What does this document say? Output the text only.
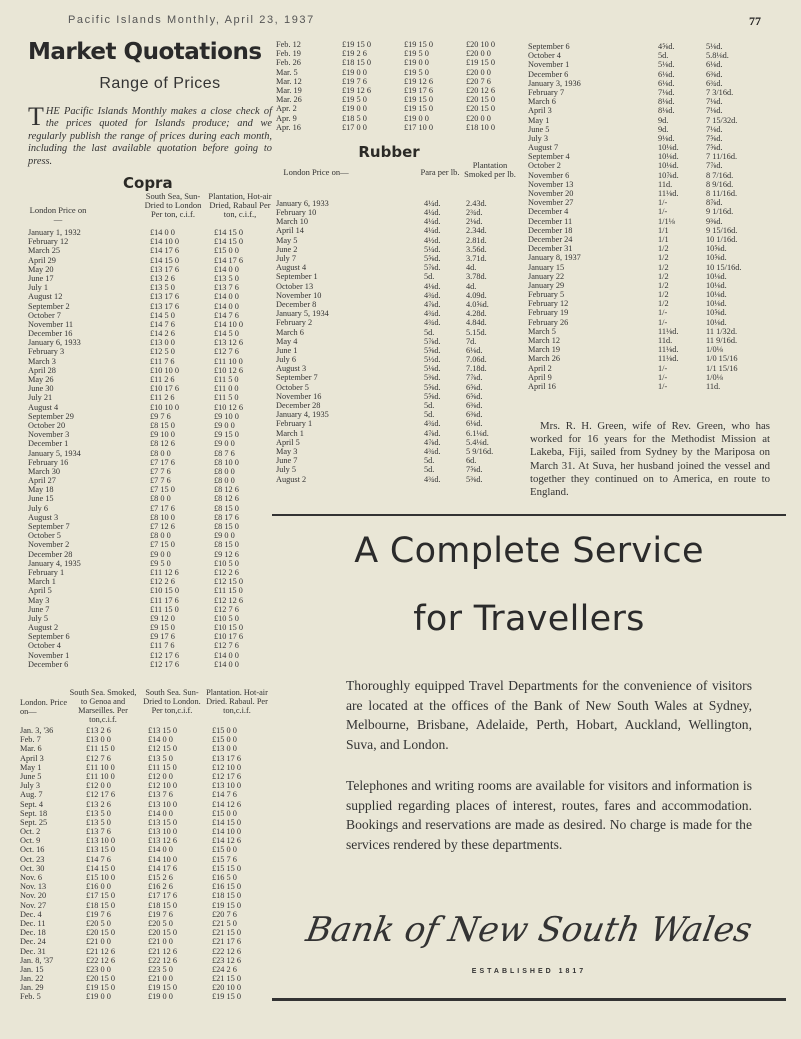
Pacific Islands Monthly, April 23, 1937	77
Market Quotations
Range of Prices
THE Pacific Islands Monthly makes a close check of the prices quoted for Islands produce; and we regularly publish the range of prices during each month, including the last available quotation before going to press.
Copra
London Price on—
South Sea, Sun-Dried to London Per ton, c.i.f.
Plantation, Hot-air Dried, Rabaul Per ton, c.i.f.,
January 1, 1932	£14 0 0	£14 15 0
February 12	£14 10 0	£14 15 0
March 25	£14 17 6	£15 0 0
April 29	£14 15 0	£14 17 6
May 20	£13 17 6	£14 0 0
June 17	£13 2 6	£13 5 0
July 1	£13 5 0	£13 7 6
August 12	£13 17 6	£14 0 0
September 2	£13 17 6	£14 0 0
October 7	£14 5 0	£14 7 6
November 11	£14 7 6	£14 10 0
December 16	£14 2 6	£14 5 0
January 6, 1933	£13 0 0	£13 12 6
February 3	£12 5 0	£12 7 6
March 3	£11 7 6	£11 10 0
April 28	£10 10 0	£10 12 6
May 26	£11 2 6	£11 5 0
June 30	£10 17 6	£11 0 0
July 21	£11 2 6	£11 5 0
August 4	£10 10 0	£10 12 6
September 29	£9 7 6	£9 10 0
October 20	£8 15 0	£9 0 0
November 3	£9 10 0	£9 15 0
December 1	£8 12 6	£9 0 0
January 5, 1934	£8 0 0	£8 7 6
February 16	£7 17 6	£8 10 0
March 30	£7 7 6	£8 0 0
April 27	£7 7 6	£8 0 0
May 18	£7 15 0	£8 12 6
June 15	£8 0 0	£8 12 6
July 6	£7 17 6	£8 15 0
August 3	£8 10 0	£8 17 6
September 7	£7 12 6	£8 15 0
October 5	£8 0 0	£9 0 0
November 2	£7 15 0	£8 15 0
December 28	£9 0 0	£9 12 6
January 4, 1935	£9 5 0	£10 5 0
February 1	£11 12 6	£12 2 6
March 1	£12 2 6	£12 15 0
April 5	£10 15 0	£11 15 0
May 3	£11 17 6	£12 12 6
June 7	£11 15 0	£12 7 6
July 5	£9 12 0	£10 5 0
August 2	£9 15 0	£10 15 0
September 6	£9 17 6	£10 17 6
October 4	£11 7 6	£12 7 6
November 1	£12 17 6	£14 0 0
December 6	£12 17 6	£14 0 0
London. Price on—
South Sea. Smoked, to Genoa and Marseilles. Per ton,c.i.f.
South Sea. Sun-Dried to London. Per ton,c.i.f.
Plantation. Hot-air Dried. Rabaul. Per ton,c.i.f.
Jan. 3, '36	£13 2 6	£13 15 0	£15 0 0
Feb. 7	£13 0 0	£14 0 0	£15 0 0
Mar. 6	£11 15 0	£12 15 0	£13 0 0
April 3	£12 7 6	£13 5 0	£13 17 6
May 1	£11 10 0	£11 15 0	£12 10 0
June 5	£11 10 0	£12 0 0	£12 17 6
July 3	£12 0 0	£12 10 0	£13 10 0
Aug. 7	£12 17 6	£13 7 6	£14 7 6
Sept. 4	£13 2 6	£13 10 0	£14 12 6
Sept. 18	£13 5 0	£14 0 0	£15 0 0
Sept. 25	£13 5 0	£13 15 0	£14 15 0
Oct. 2	£13 7 6	£13 10 0	£14 10 0
Oct. 9	£13 10 0	£13 12 6	£14 12 6
Oct. 16	£13 15 0	£14 0 0	£15 0 0
Oct. 23	£14 7 6	£14 10 0	£15 7 6
Oct. 30	£14 15 0	£14 17 6	£15 15 0
Nov. 6	£15 10 0	£15 2 6	£16 5 0
Nov. 13	£16 0 0	£16 2 6	£16 15 0
Nov. 20	£17 15 0	£17 17 6	£18 15 0
Nov. 27	£18 15 0	£18 15 0	£19 15 0
Dec. 4	£19 7 6	£19 7 6	£20 7 6
Dec. 11	£20 5 0	£20 5 0	£21 5 0
Dec. 18	£20 15 0	£20 15 0	£21 15 0
Dec. 24	£21 0 0	£21 0 0	£21 17 6
Dec. 31	£21 12 6	£21 12 6	£22 12 6
Jan. 8, '37	£22 12 6	£22 12 6	£23 12 6
Jan. 15	£23 0 0	£23 5 0	£24 2 6
Jan. 22	£20 15 0	£21 0 0	£21 15 0
Jan. 29	£19 15 0	£19 15 0	£20 10 0
Feb. 5	£19 0 0	£19 0 0	£19 15 0
Feb. 12	£19 15 0	£19 15 0	£20 10 0
Feb. 19	£19 2 6	£19 5 0	£20 0 0
Feb. 26	£18 15 0	£19 0 0	£19 15 0
Mar. 5	£19 0 0	£19 5 0	£20 0 0
Mar. 12	£19 7 6	£19 12 6	£20 7 6
Mar. 19	£19 12 6	£19 17 6	£20 12 6
Mar. 26	£19 5 0	£19 15 0	£20 15 0
Apr. 2	£19 0 0	£19 15 0	£20 15 0
Apr. 9	£18 5 0	£19 0 0	£20 0 0
Apr. 16	£17 0 0	£17 10 0	£18 10 0
Rubber
London Price on—	Para per lb.
Plantation Smoked per lb.
January 6, 1933	4¼d.	2.43d.
February 10	4¼d.	2¾d.
March 10	4¼d.	2⅛d.
April 14	4¼d.	2.34d.
May 5	4½d.	2.81d.
June 2	5¼d.	3.56d.
July 7	5⅝d.	3.71d.
August 4	5⅞d.	4d.
September 1	5d.	3.78d.
October 13	4⅛d.	4d.
November 10	4¾d.	4.09d.
December 8	4⅞d.	4.0⅝d.
January 5, 1934	4¾d.	4.28d.
February 2	4¾d.	4.84d.
March 6	5d.	5.15d.
May 4	5⅞d.	7d.
June 1	5⅝d.	6⅛d.
July 6	5½d.	7.06d.
August 3	5⅛d.	7.18d.
September 7	5⅜d.	7⅞d.
October 5	5⅝d.	6⅝d.
November 16	5⅝d.	6⅝d.
December 28	5d.	6⅜d.
January 4, 1935	5d.	6⅜d.
February 1	4¾d.	6⅛d.
March 1	4⅞d.	6.1⅛d.
April 5	4⅞d.	5.4⅛d.
May 3	4¾d.	5 9/16d.
June 7	5d.	6d.
July 5	5d.	7⅝d.
August 2	4¾d.	5⅜d.
September 6	4⅝d.	5⅛d.
October 4	5d.	5.8⅛d.
November 1	5⅛d.	6⅛d.
December 6	6⅛d.	6⅜d.
January 3, 1936	6⅛d.	6¾d.
February 7	7⅛d.	7 3/16d.
March 6	8⅛d.	7⅛d.
April 3	8⅛d.	7⅛d.
May 1	9d.	7 15/32d.
June 5	9d.	7⅛d.
July 3	9⅛d.	7⅝d.
August 7	10⅛d.	7⅝d.
September 4	10⅛d.	7 11/16d.
October 2	10⅛d.	7⅞d.
November 6	10⅞d.	8 7/16d.
November 13	11d.	8 9/16d.
November 20	11⅛d.	8 11/16d.
November 27	1/-	8⅞d.
December 4	1/-	9 1/16d.
December 11	1/1⅛	9⅜d.
December 18	1/1	9 15/16d.
December 24	1/1	10 1/16d.
December 31	1/2	10⅝d.
January 8, 1937	1/2	10⅝d.
January 15	1/2	10 15/16d.
January 22	1/2	10⅛d.
January 29	1/2	10⅛d.
February 5	1/2	10⅛d.
February 12	1/2	10⅛d.
February 19	1/-	10⅝d.
February 26	1/-	10⅛d.
March 5	11⅛d.	11 1/32d.
March 12	11d.	11 9/16d.
March 19	11⅛d.	1/0⅛
March 26	11⅛d.	1/0 15/16
April 2	1/-	1/1 15/16
April 9	1/-	1/0⅛
April 16	1/-	11d.
Mrs. R. H. Green, wife of Rev. Green, who has worked for 16 years for the Methodist Mission at Lakeba, Fiji, sailed from Sydney by the Mariposa on March 31. At Suva, her husband joined the vessel and together they continued on to America, en route to England.
A Complete Service
for Travellers
Thoroughly equipped Travel Departments for the convenience of visitors are located at the offices of the Bank of New South Wales at Sydney, Melbourne, Brisbane, Adelaide, Perth, Hobart, Auckland, Wellington, Suva, and London.
Telephones and writing rooms are available for visitors and information is supplied regarding places of interest, routes, fares and accommodation. Bookings and reservations are made as desired. No charge is made for the services rendered by these departments.
Bank of New South Wales
ESTABLISHED 1817
